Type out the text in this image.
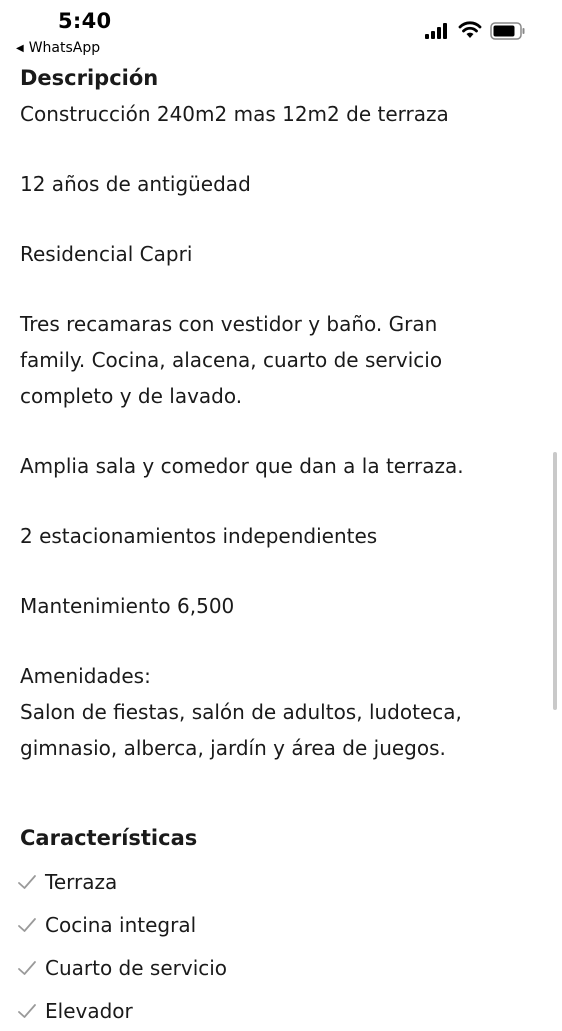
5:40
◀ WhatsApp
Descripción

Construcción 240m2 mas 12m2 de terraza

12 años de antigüedad

Residencial Capri

Tres recamaras con vestidor y baño. Gran

family. Cocina, alacena, cuarto de servicio

completo y de lavado.

Amplia sala y comedor que dan a la terraza.

2 estacionamientos independientes

Mantenimiento 6,500

Amenidades:

Salon de fiestas, salón de adultos, ludoteca,

gimnasio, alberca, jardín y área de juegos.

Características
Terraza
Cocina integral
Cuarto de servicio
Elevador
